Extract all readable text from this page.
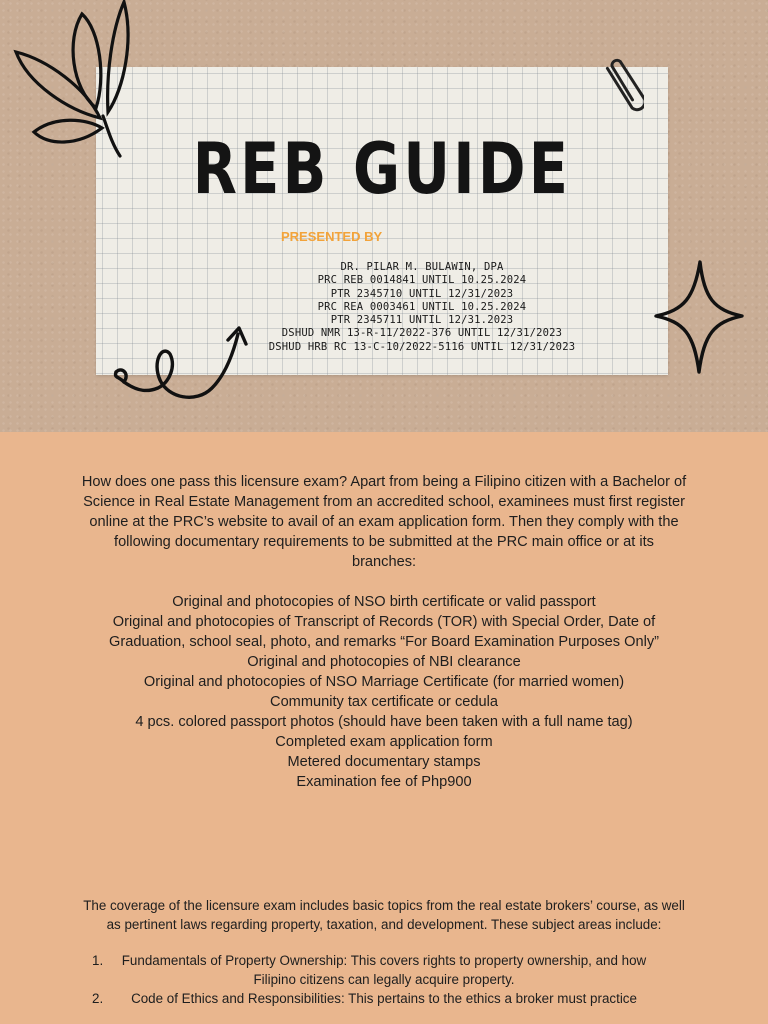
REB GUIDE

PRESENTED BY

DR. PILAR M. BULAWIN, DPA
PRC REB 0014841 UNTIL 10.25.2024
PTR 2345710 UNTIL 12/31/2023
PRC REA 0003461 UNTIL 10.25.2024
PTR 2345711 UNTIL 12/31.2023
DSHUD NMR 13-R-11/2022-376 UNTIL 12/31/2023
DSHUD HRB RC 13-C-10/2022-5116 UNTIL 12/31/2023

How does one pass this licensure exam? Apart from being a Filipino citizen with a Bachelor of Science in Real Estate Management from an accredited school, examinees must first register online at the PRC’s website to avail of an exam application form. Then they comply with the following documentary requirements to be submitted at the PRC main office or at its branches:

Original and photocopies of NSO birth certificate or valid passport
Original and photocopies of Transcript of Records (TOR) with Special Order, Date of Graduation, school seal, photo, and remarks “For Board Examination Purposes Only”
Original and photocopies of NBI clearance
Original and photocopies of NSO Marriage Certificate (for married women)
Community tax certificate or cedula
4 pcs. colored passport photos (should have been taken with a full name tag)
Completed exam application form
Metered documentary stamps
Examination fee of Php900

The coverage of the licensure exam includes basic topics from the real estate brokers’ course, as well as pertinent laws regarding property, taxation, and development. These subject areas include:

1. Fundamentals of Property Ownership: This covers rights to property ownership, and how Filipino citizens can legally acquire property.
2. Code of Ethics and Responsibilities: This pertains to the ethics a broker must practice
